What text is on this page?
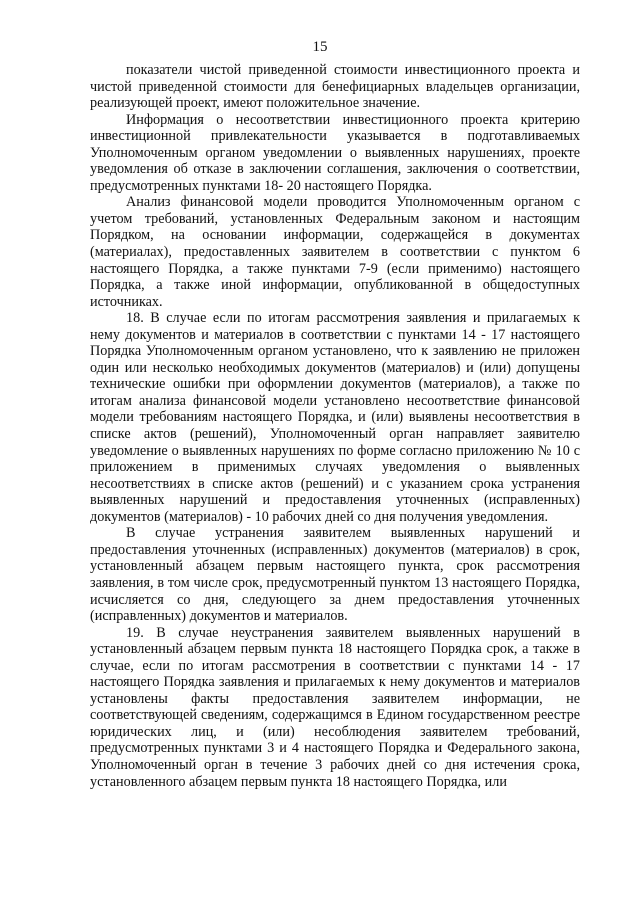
15

показатели чистой приведенной стоимости инвестиционного проекта и чистой приведенной стоимости для бенефициарных владельцев организации, реализующей проект, имеют положительное значение.

Информация о несоответствии инвестиционного проекта критерию инвестиционной привлекательности указывается в подготавливаемых Уполномоченным органом уведомлении о выявленных нарушениях, проекте уведомления об отказе в заключении соглашения, заключения о соответствии, предусмотренных пунктами 18- 20 настоящего Порядка.

Анализ финансовой модели проводится Уполномоченным органом с учетом требований, установленных Федеральным законом и настоящим Порядком, на основании информации, содержащейся в документах (материалах), предоставленных заявителем в соответствии с пунктом 6 настоящего Порядка, а также пунктами 7-9 (если применимо) настоящего Порядка, а также иной информации, опубликованной в общедоступных источниках.

18. В случае если по итогам рассмотрения заявления и прилагаемых к нему документов и материалов в соответствии с пунктами 14 - 17 настоящего Порядка Уполномоченным органом установлено, что к заявлению не приложен один или несколько необходимых документов (материалов) и (или) допущены технические ошибки при оформлении документов (материалов), а также по итогам анализа финансовой модели установлено несоответствие финансовой модели требованиям настоящего Порядка, и (или) выявлены несоответствия в списке актов (решений), Уполномоченный орган направляет заявителю уведомление о выявленных нарушениях по форме согласно приложению № 10 с приложением в применимых случаях уведомления о выявленных несоответствиях в списке актов (решений) и с указанием срока устранения выявленных нарушений и предоставления уточненных (исправленных) документов (материалов) - 10 рабочих дней со дня получения уведомления.

В случае устранения заявителем выявленных нарушений и предоставления уточненных (исправленных) документов (материалов) в срок, установленный абзацем первым настоящего пункта, срок рассмотрения заявления, в том числе срок, предусмотренный пунктом 13 настоящего Порядка, исчисляется со дня, следующего за днем предоставления уточненных (исправленных) документов и материалов.

19. В случае неустранения заявителем выявленных нарушений в установленный абзацем первым пункта 18 настоящего Порядка срок, а также в случае, если по итогам рассмотрения в соответствии с пунктами 14 - 17 настоящего Порядка заявления и прилагаемых к нему документов и материалов установлены факты предоставления заявителем информации, не соответствующей сведениям, содержащимся в Едином государственном реестре юридических лиц, и (или) несоблюдения заявителем требований, предусмотренных пунктами 3 и 4 настоящего Порядка и Федерального закона, Уполномоченный орган в течение 3 рабочих дней со дня истечения срока, установленного абзацем первым пункта 18 настоящего Порядка, или
